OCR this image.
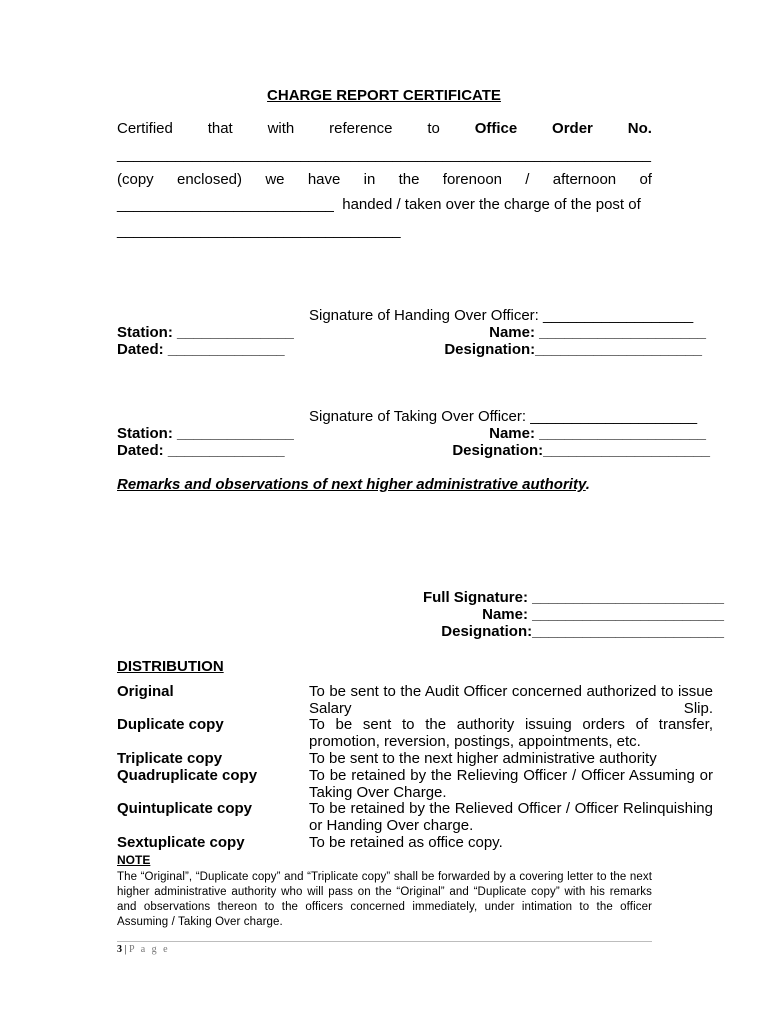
CHARGE REPORT CERTIFICATE
Certified that with reference to Office Order No.
________________________________________________________________
(copy enclosed) we have in the forenoon / afternoon of
__________________________  handed / taken over the charge of the post of
__________________________________
Signature of Handing Over Officer: __________________
Station: ______________	Name: ____________________
Dated: ______________	Designation:____________________
Signature of Taking Over Officer: ____________________
Station: ______________	Name: ____________________
Dated: ______________	Designation:____________________
Remarks and observations of next higher administrative authority.
Full Signature: _______________________
Name: _______________________
Designation:_______________________
DISTRIBUTION
Original	To be sent to the Audit Officer concerned authorized to issue Salary Slip.
Duplicate copy	To be sent to the authority issuing orders of transfer, promotion, reversion, postings, appointments, etc.
Triplicate copy	To be sent to the next higher administrative authority
Quadruplicate copy	To be retained by the Relieving Officer / Officer Assuming or Taking Over Charge.
Quintuplicate copy	To be retained by the Relieved Officer / Officer Relinquishing or Handing Over charge.
Sextuplicate copy	To be retained as office copy.
NOTE
The “Original”, “Duplicate copy” and “Triplicate copy” shall be forwarded by a covering letter to the next higher administrative authority who will pass on the “Original” and “Duplicate copy” with his remarks and observations thereon to the officers concerned immediately, under intimation to the officer Assuming / Taking Over charge.
3 | P a g e
